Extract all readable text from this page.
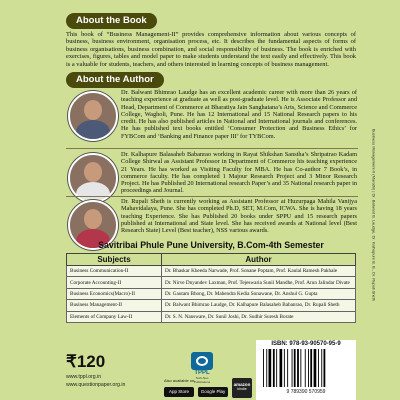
About the Book
This book of “Business Management-II” provides comprehensive information about various concepts of business, business environment, organisation process, etc. It describes the fundamental aspects of forms of business organisations, business combination, and social responsibility of business. The book is enriched with exercises, figures, tables and model paper to make students understand the text easily and effectively. This book is a valuable for students, teachers, and others interested in learning concepts of business management.
About the Author
Dr. Balwant Bhimrao Laudge has an excellent academic career with more than 26 years of teaching experience at graduate as well as post-graduate level. He is Associate Professor and Head, Department of Commerce at Bharatiya Jain Sanghatana’s Arts, Science and Commerce College, Wagholi, Pune. He has 12 International and 15 National Research papers to his credit. He has also published articles in National and International journals and conferences. He has published text books entitled ‘Consumer Protection and Business Ethics’ for FYBCom and ‘Banking and Finance paper III’ for TYBCom.
Dr. Kalhapure Balasaheb Babanrao working in Rayat Shikshan Sanstha’s Shripatrao Kadam College Shirwal as Assistant Professor in Department of Commerce his teaching experience 21 Years. He has worked as Visiting Faculty for MBA. He has Co-author 7 Book’s, in commerce faculty. He has completed 1 Majour Research Project and 3 Minor Research Project. He has Published 20 International research Paper’s and 35 National research paper in proceedings and Journal.
Dr. Rupali Sheth is currently working as Assistant Professor at Huzurpaga Mahila Vanijya Mahavidalaya, Pune. She has completed Ph.D, SET, M.Com, ICWA. She is having 18 years teaching Experience. She has Published 20 books under SPPU and 15 research papers published at International and State level. She has received awards at National level (Best Research State) Level (Best teacher), NSS various awards.
Savitribai Phule Pune University, B.Com-4th Semester
Subjects	Author
Business Communication-II	Dr. Bhaskar Kheeda Narwade, Prof. Sonane Poptam, Prof. Kaulal Ramesh Pakhale
Corporate Accounting-II	Dr. Nirve Dnyandev Laxman, Prof. Tejeswaria Sunil Mandhe, Prof. Arun Jalindar Divate
Business Economics(Macro)-II	Dr. Gautam Bhong, Dr. Mahendra Kedia Sonawane, Dr. Anshul G. Gupta
Business Management-II	Dr. Balwant Bhimrao Laudge, Dr. Kalhapure Balasaheb Babanrao, Dr. Rupali Sheth
Elements of Company Law-II	Dr. S. N. Nansware, Dr. Sunil Joshi, Dr. Sudhir Suresh Borate
Business Management-II (Marathi) | Dr. Balwant B. Laudge, Dr. Kalhapure B. B., Dr. Rupali Sheth
₹120
www.tppl.org.in
www.questionpaper.org.in
TPPL
Tech-Neo Publications
Also available on:
App Store	Google Play
amazon
kindle
ISBN: 978-93-90570-95-9
9 789390 570959
